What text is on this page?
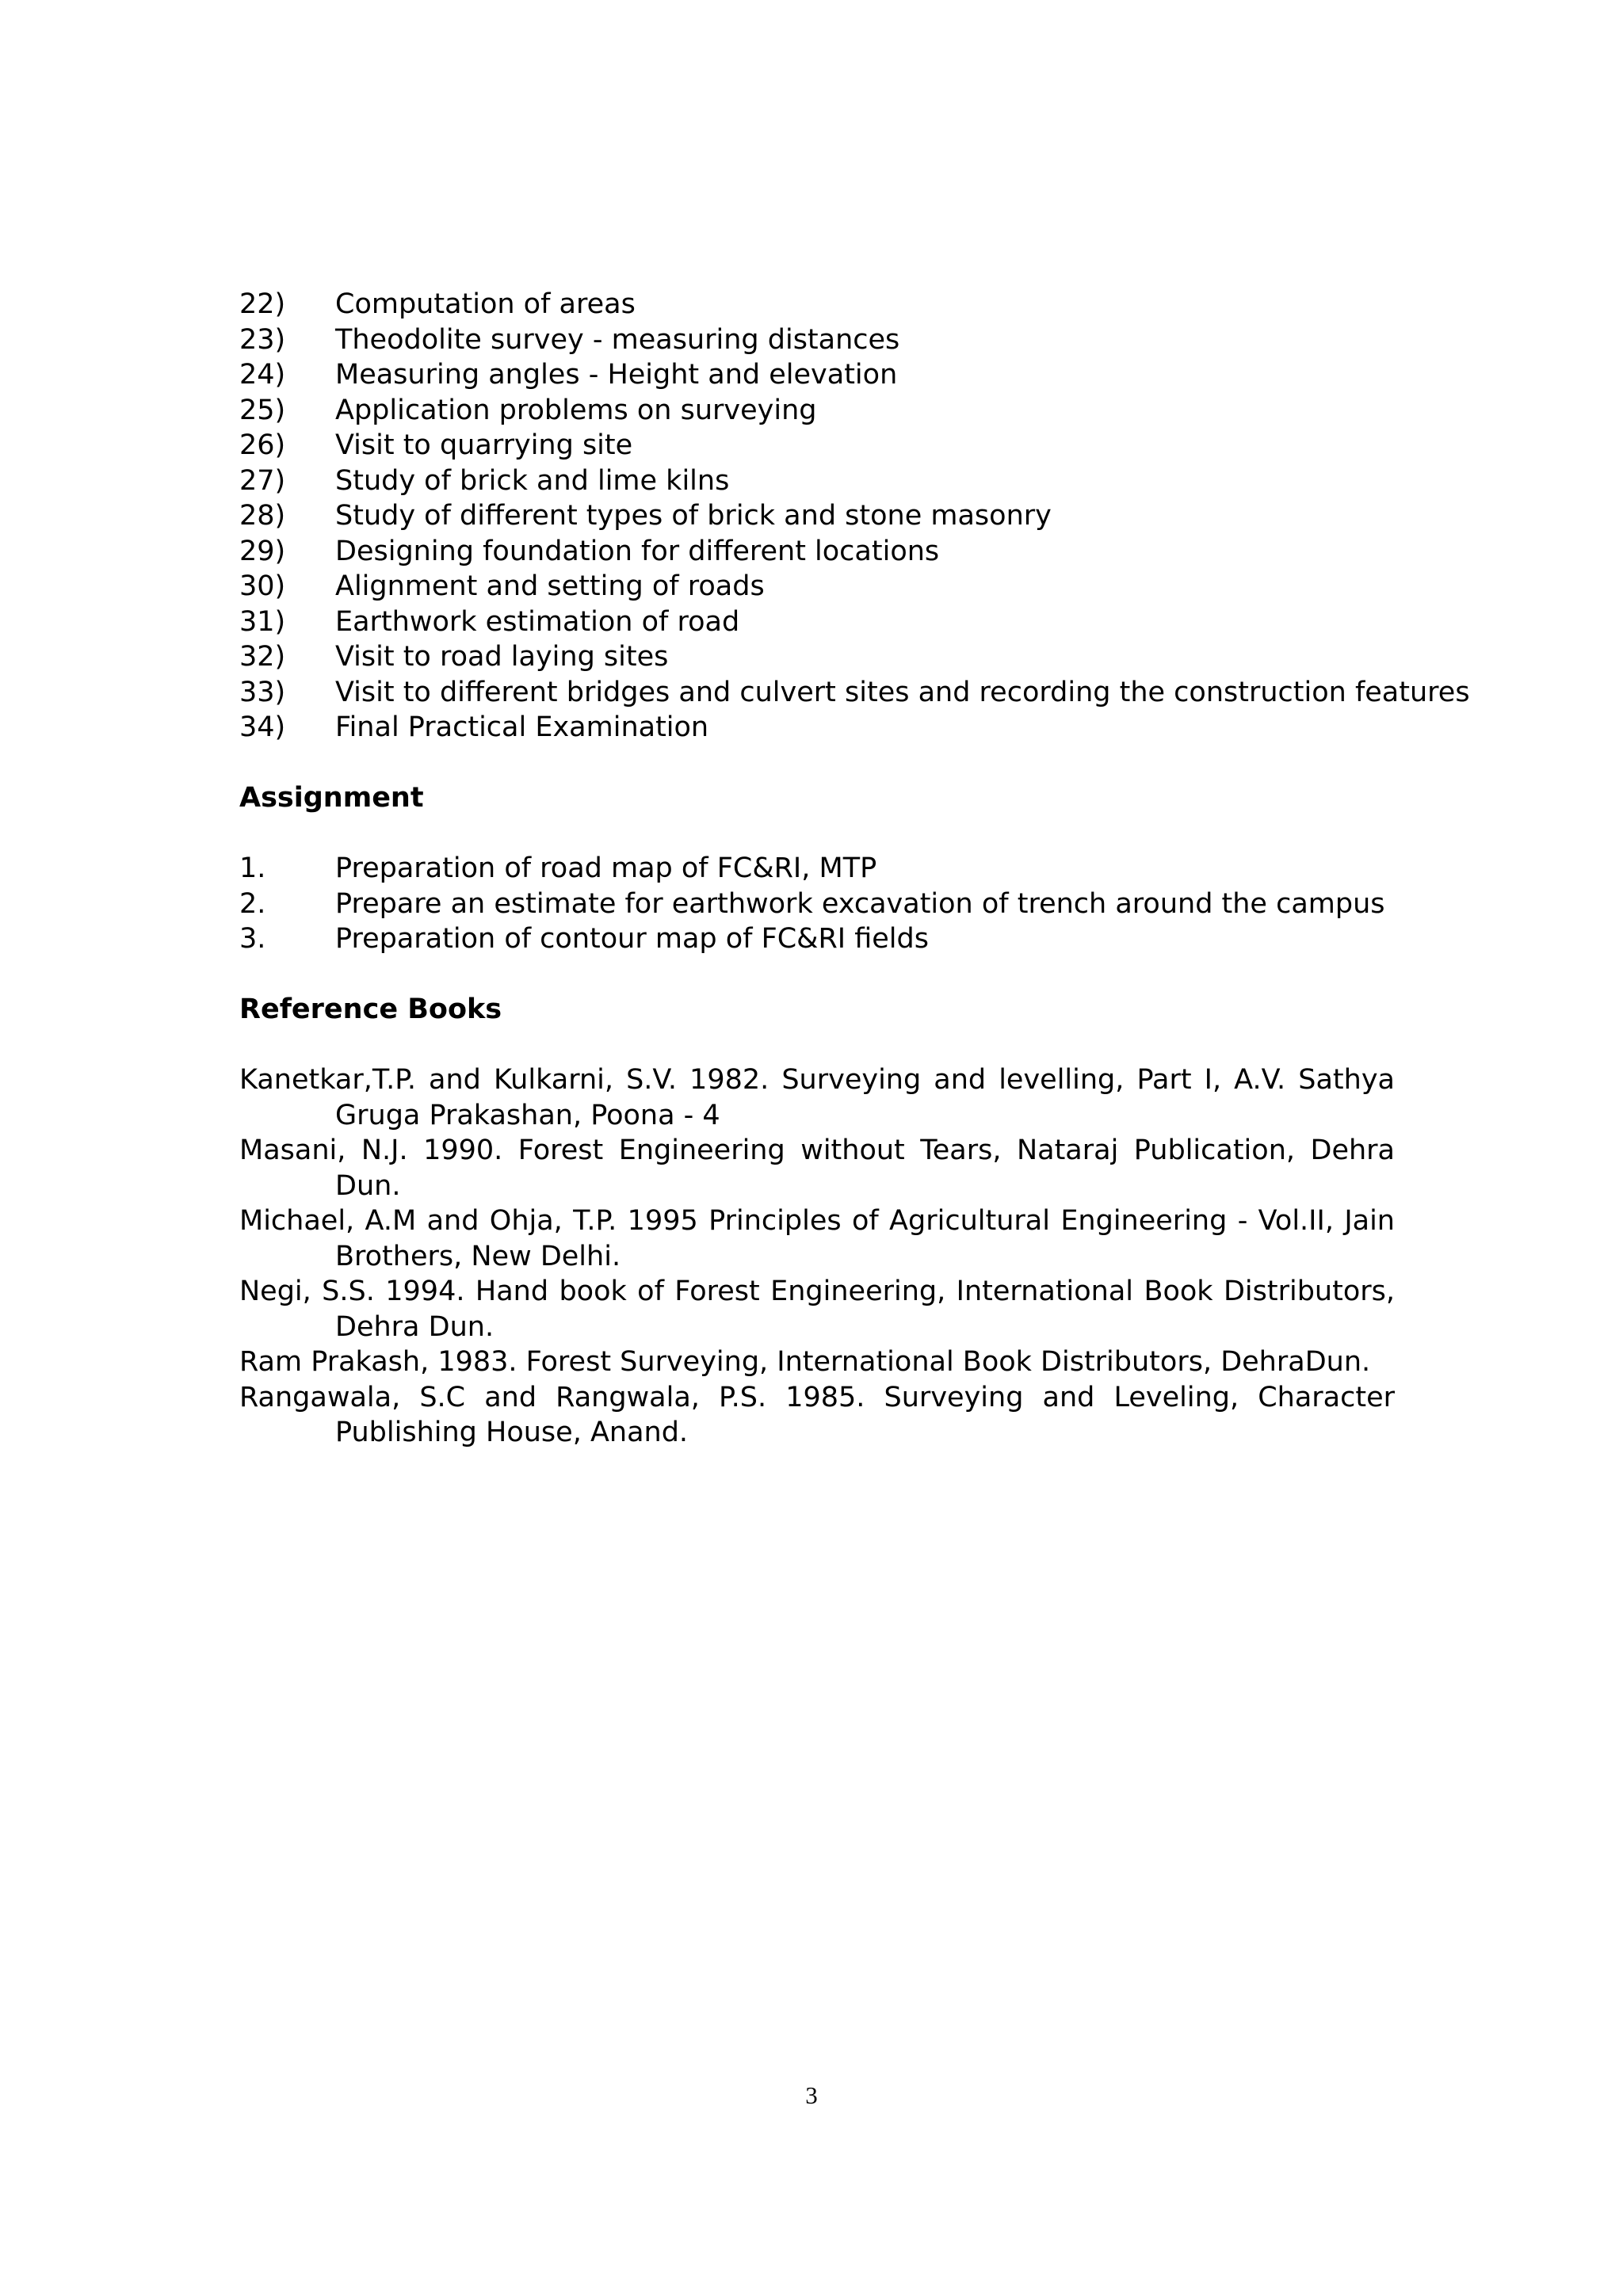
22)	Computation of areas
23)	Theodolite survey - measuring distances
24)	Measuring angles - Height and elevation
25)	Application problems on surveying
26)	Visit to quarrying site
27)	Study of brick and lime kilns
28)	Study of different types of brick and stone masonry
29)	Designing foundation for different locations
30)	Alignment and setting of roads
31)	Earthwork estimation of road
32)	Visit to road laying sites
33)	Visit to different bridges and culvert sites and recording the construction features
34)	Final Practical Examination
Assignment
1.	Preparation of road map of FC&RI, MTP
2.	Prepare an estimate for earthwork excavation of trench around the campus
3.	Preparation of contour map of FC&RI fields
Reference Books
Kanetkar,T.P. and Kulkarni, S.V. 1982. Surveying and levelling, Part I, A.V. Sathya Gruga Prakashan, Poona - 4
Masani, N.J. 1990. Forest Engineering without Tears, Nataraj Publication, Dehra Dun.
Michael, A.M and Ohja, T.P. 1995 Principles of Agricultural Engineering - Vol.II, Jain Brothers, New Delhi.
Negi, S.S. 1994. Hand book of Forest Engineering, International Book Distributors, Dehra Dun.
Ram Prakash, 1983. Forest Surveying, International Book Distributors, DehraDun.
Rangawala, S.C and Rangwala, P.S. 1985. Surveying and Leveling, Character Publishing House, Anand.
3
